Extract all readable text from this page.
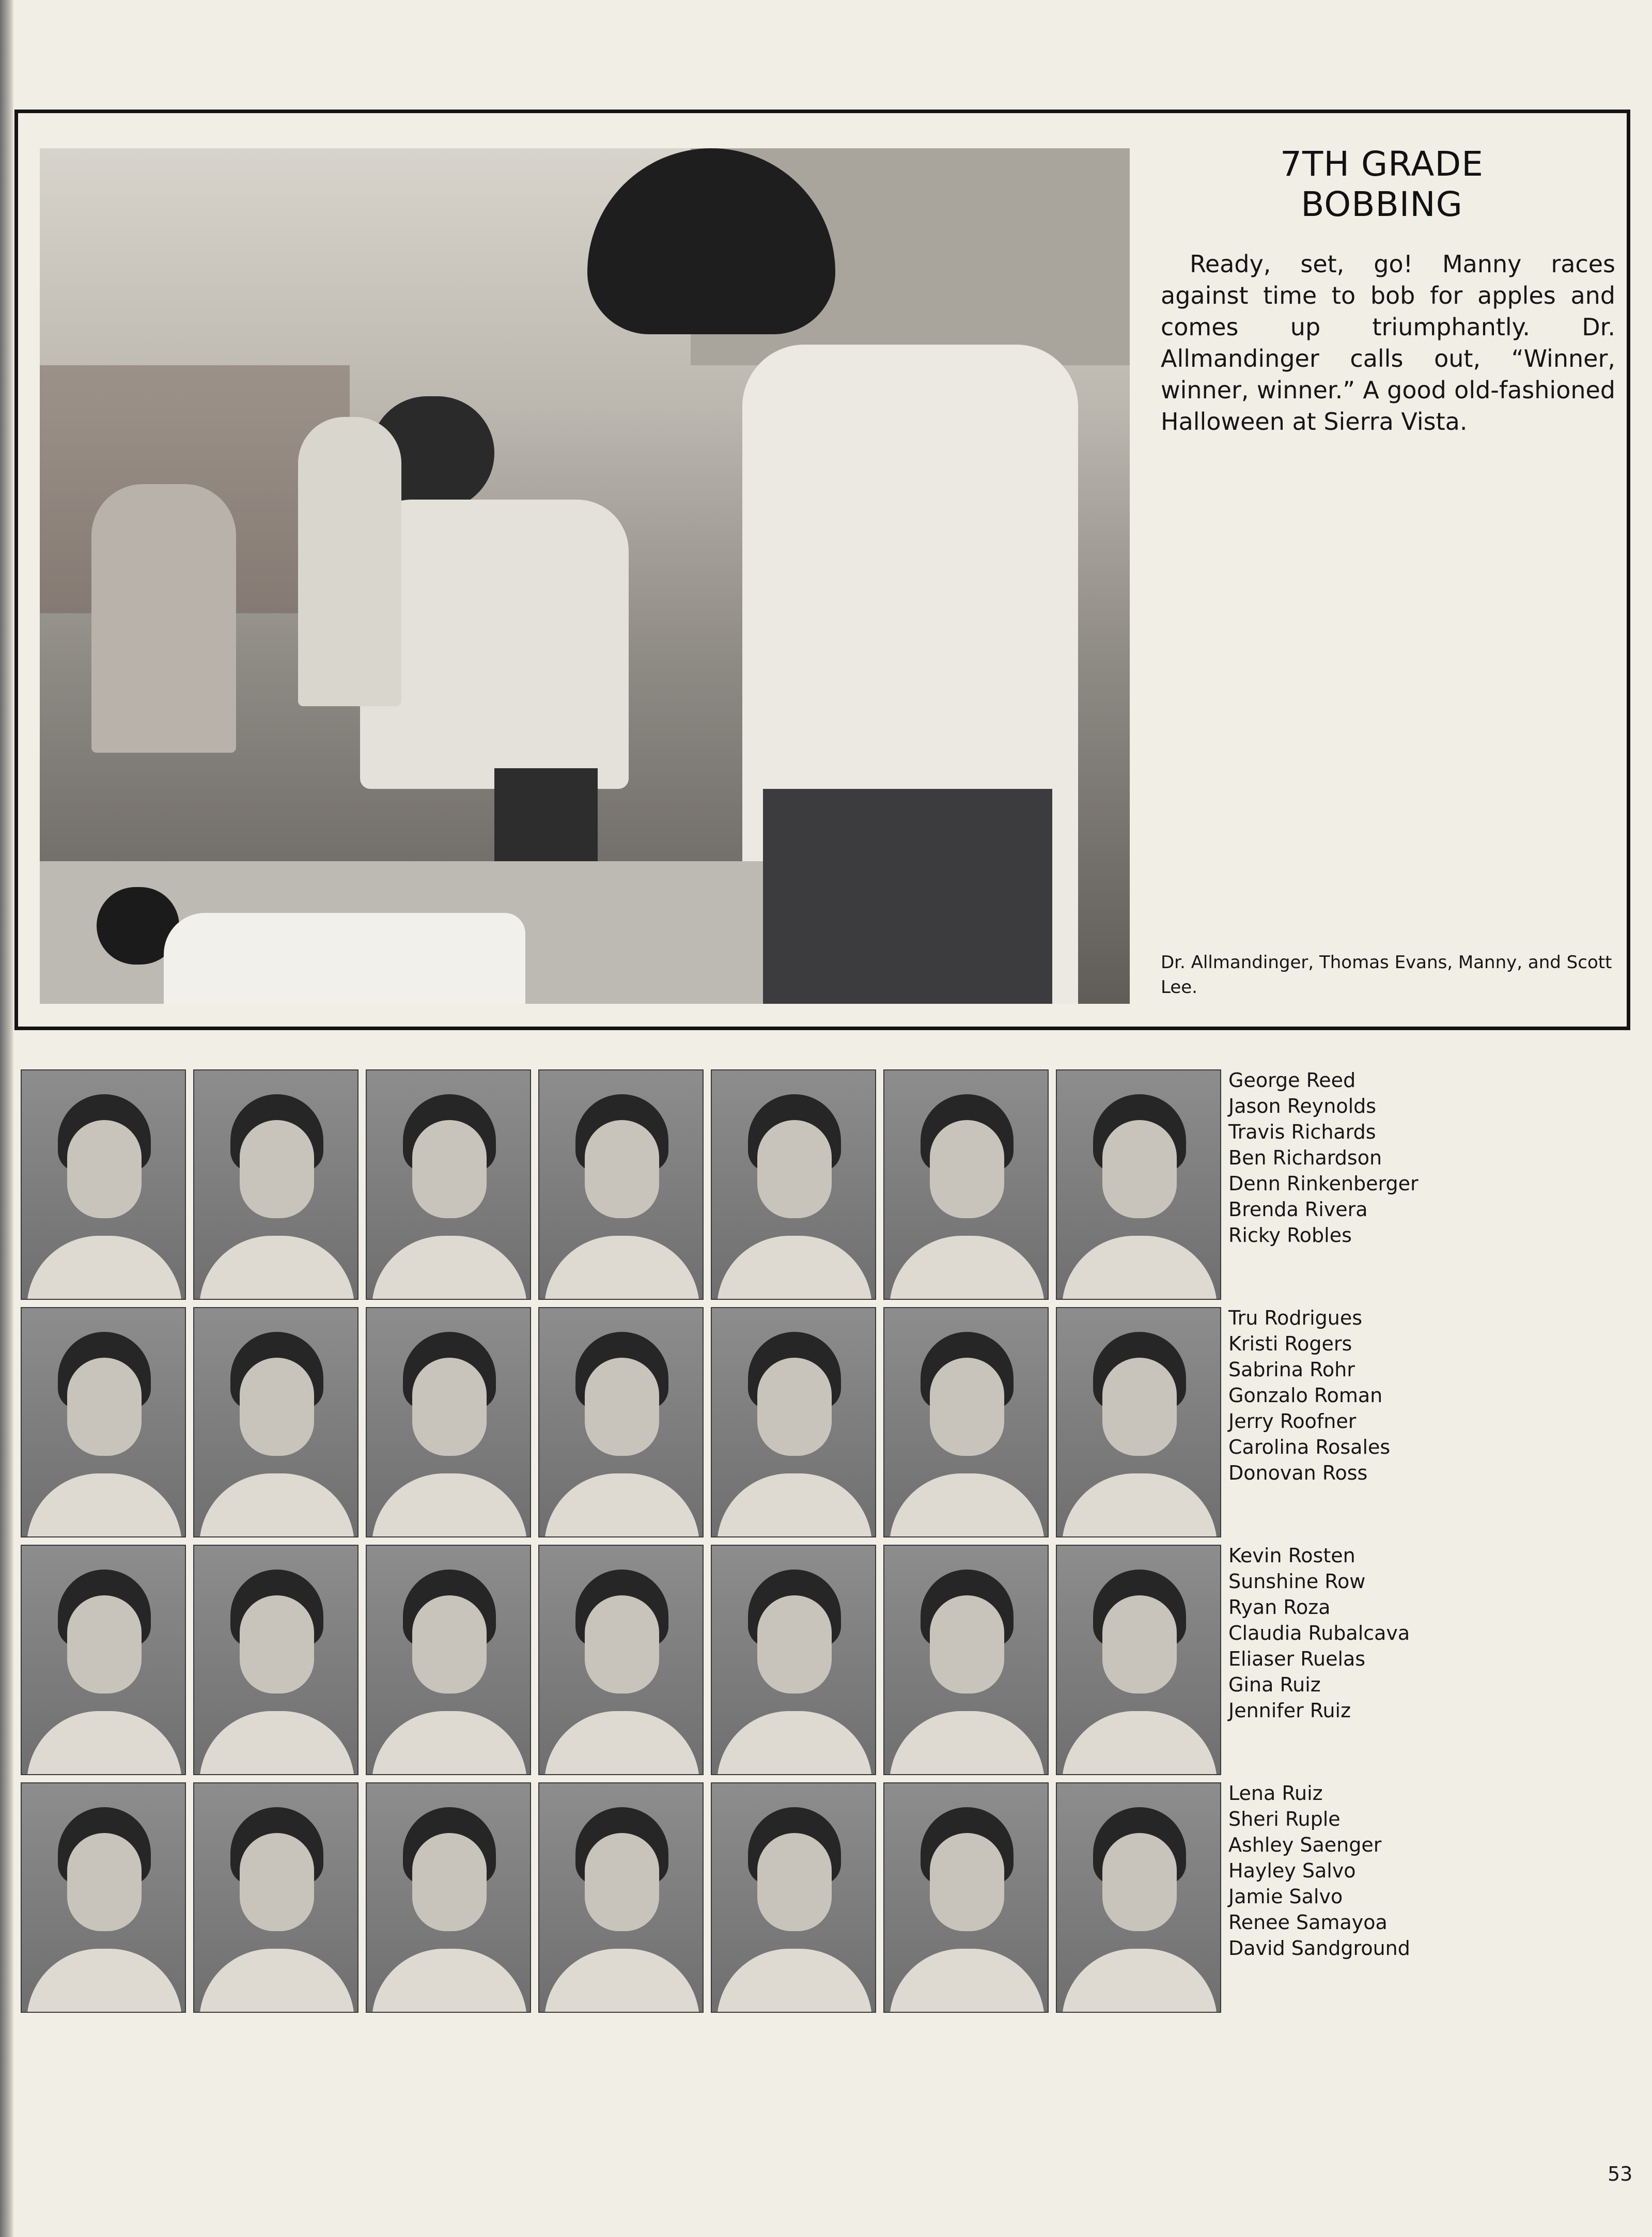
7TH GRADE
BOBBING

Ready, set, go! Manny races against time to bob for apples and comes up triumphantly. Dr. Allmandinger calls out, “Winner, winner, winner.” A good old-fashioned Halloween at Sierra Vista.

Dr. Allmandinger, Thomas Evans, Manny, and Scott Lee.
George Reed
Jason Reynolds
Travis Richards
Ben Richardson
Denn Rinkenberger
Brenda Rivera
Ricky Robles
Tru Rodrigues
Kristi Rogers
Sabrina Rohr
Gonzalo Roman
Jerry Roofner
Carolina Rosales
Donovan Ross
Kevin Rosten
Sunshine Row
Ryan Roza
Claudia Rubalcava
Eliaser Ruelas
Gina Ruiz
Jennifer Ruiz
Lena Ruiz
Sheri Ruple
Ashley Saenger
Hayley Salvo
Jamie Salvo
Renee Samayoa
David Sandground
53
